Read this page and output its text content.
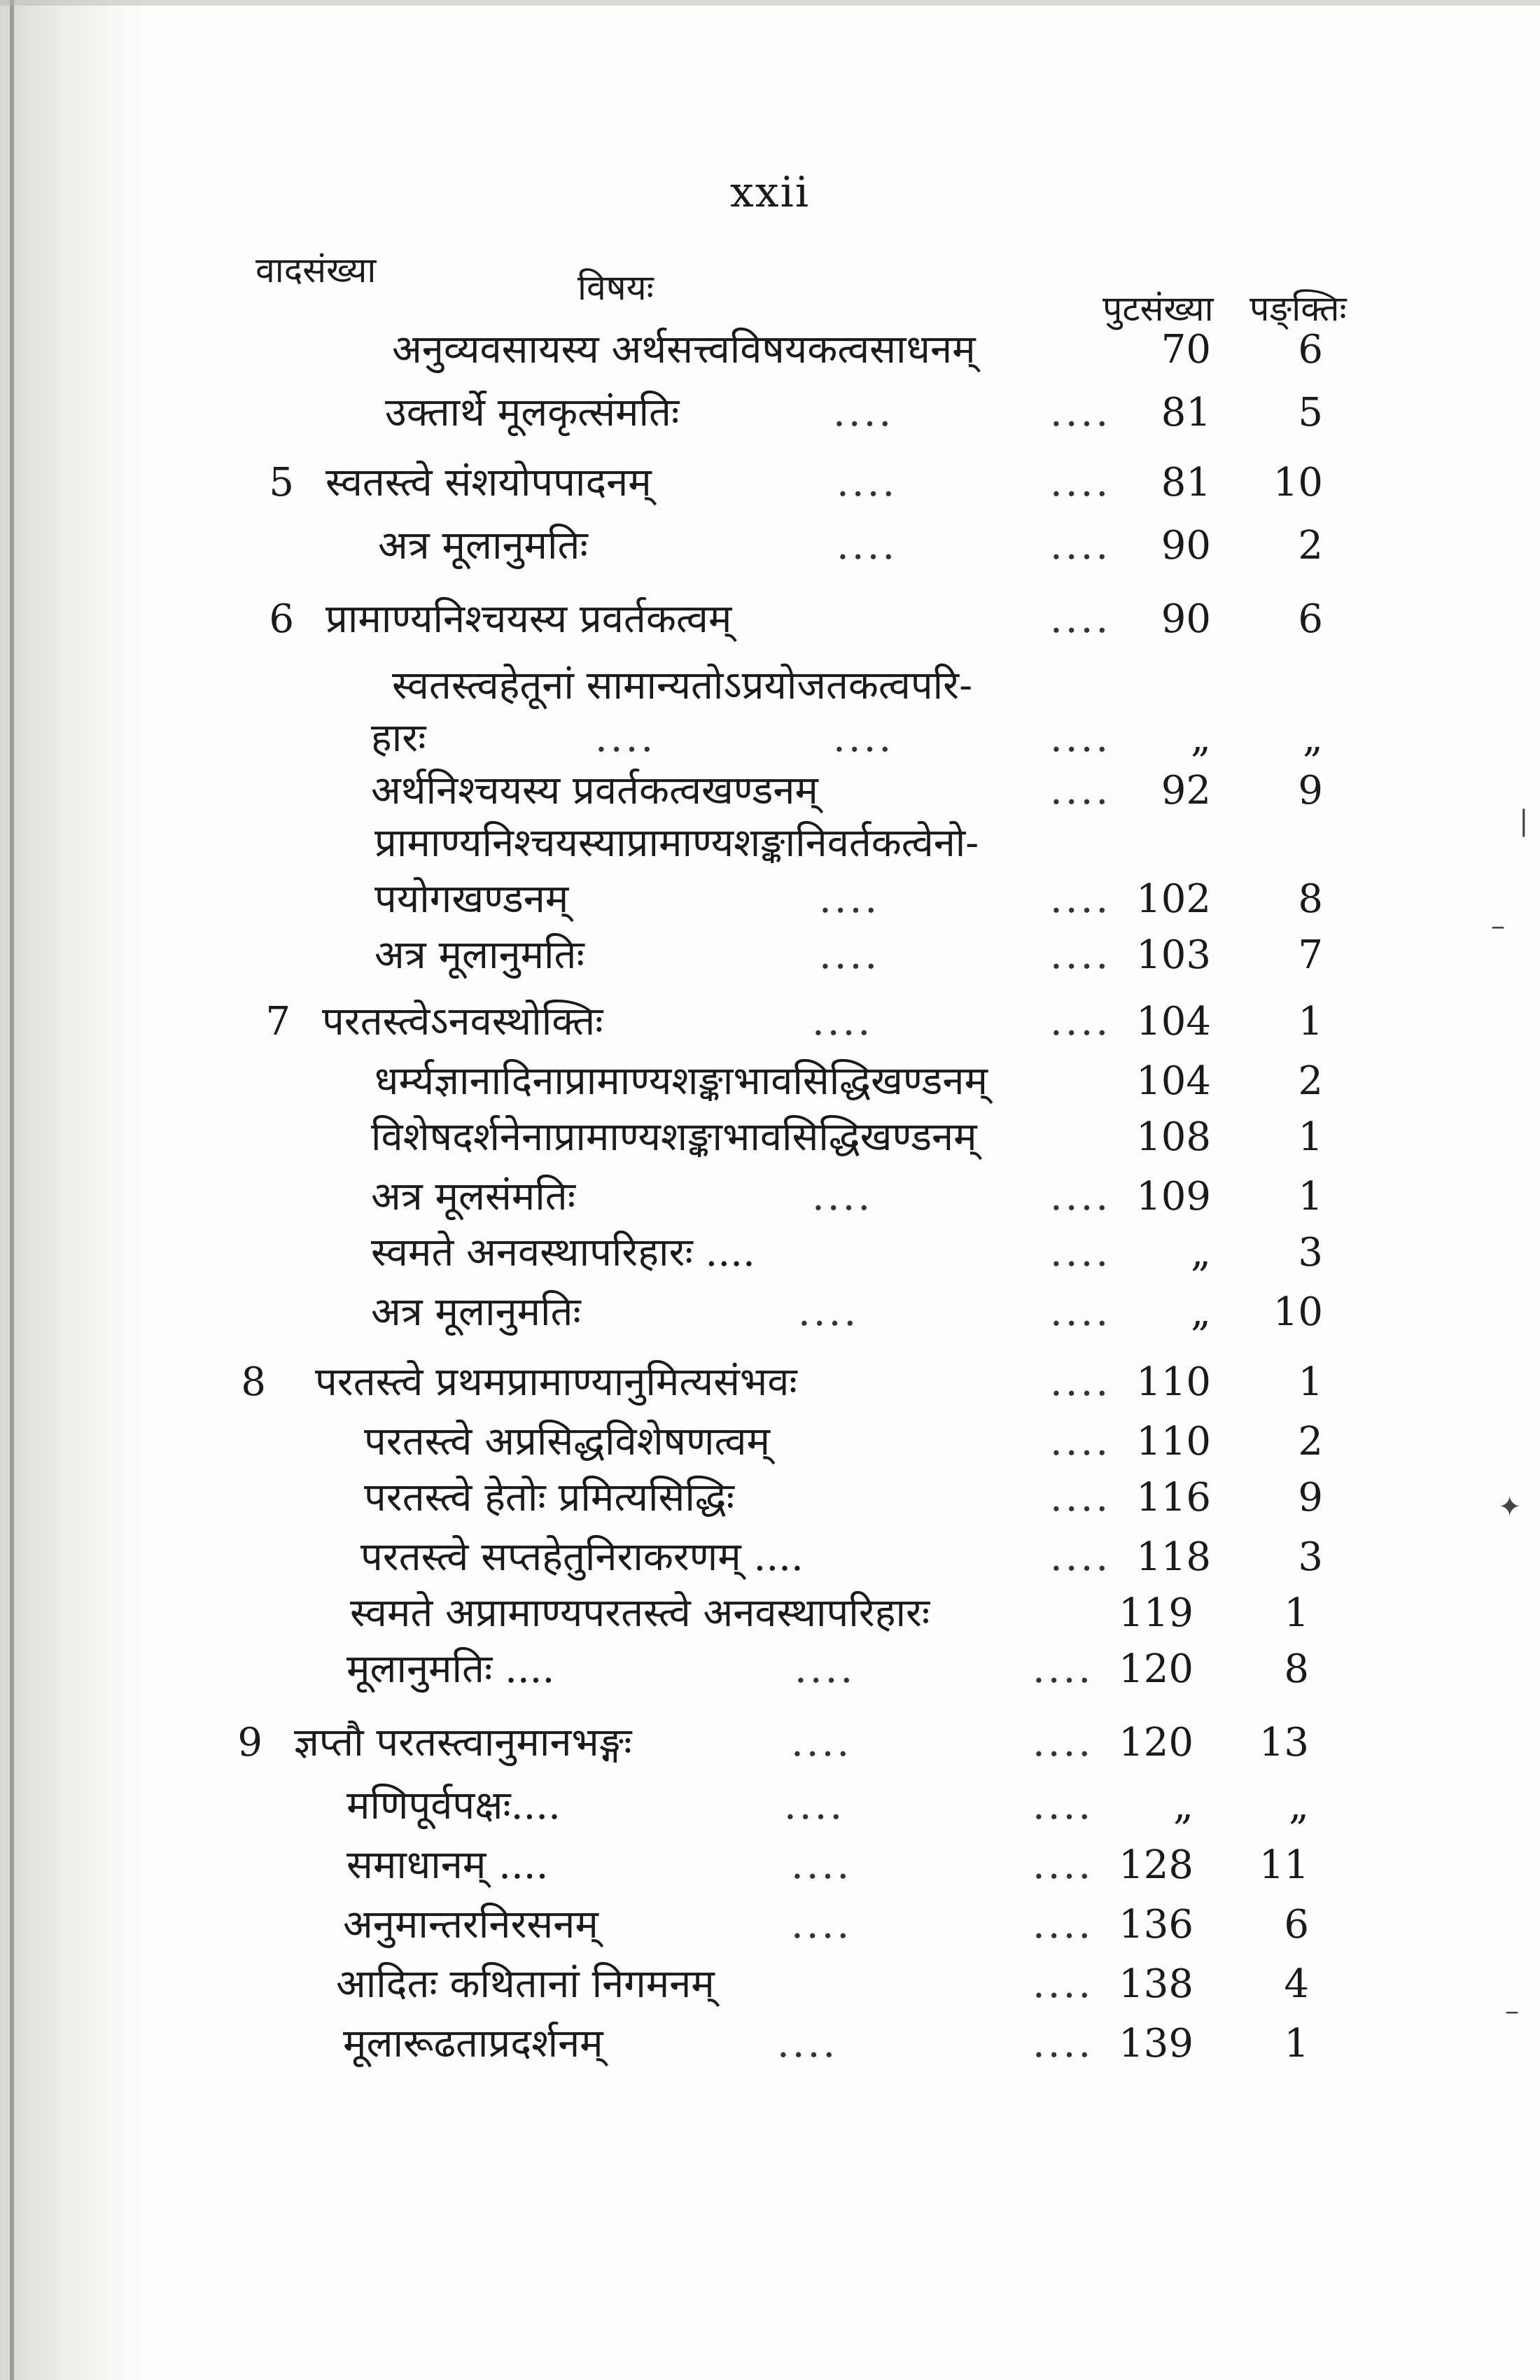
xxii
वादसंख्या	विषयः
पुटसंख्या पङ्क्तिः
अनुव्यवसायस्य अर्थसत्त्वविषयकत्वसाधनम्	70	6
उक्तार्थे मूलकृत्संमतिः	....	....	81	5
5 स्वतस्त्वे संशयोपपादनम्	....	....	81	10
अत्र मूलानुमतिः	....	....	90	2
6 प्रामाण्यनिश्चयस्य प्रवर्तकत्वम्	....	90	6
स्वतस्त्वहेतूनां सामान्यतोऽप्रयोजतकत्वपरि-
हारः	....	....	....	„	„
अर्थनिश्चयस्य प्रवर्तकत्वखण्डनम्	....	92	9
प्रामाण्यनिश्चयस्याप्रामाण्यशङ्कानिवर्तकत्वेनो-
पयोगखण्डनम्	....	.... 102	8
अत्र मूलानुमतिः	....	.... 103	7
7 परतस्त्वेऽनवस्थोक्तिः	....	.... 104	1
धर्म्यज्ञानादिनाप्रामाण्यशङ्काभावसिद्धिखण्डनम्	104	2
विशेषदर्शनेनाप्रामाण्यशङ्काभावसिद्धिखण्डनम्	108	1
अत्र मूलसंमतिः	....	.... 109	1
स्वमते अनवस्थापरिहारः ....	....	„	3
अत्र मूलानुमतिः	....	....	„	10
8 परतस्त्वे प्रथमप्रामाण्यानुमित्यसंभवः	.... 110	1
परतस्त्वे अप्रसिद्धविशेषणत्वम्	.... 110	2
परतस्त्वे हेतोः प्रमित्यसिद्धिः	.... 116	9
परतस्त्वे सप्तहेतुनिराकरणम् ....	.... 118	3
स्वमते अप्रामाण्यपरतस्त्वे अनवस्थापरिहारः	119	1
मूलानुमतिः ....	....	.... 120	8
9 ज्ञप्तौ परतस्त्वानुमानभङ्गः	....	.... 120	13
मणिपूर्वपक्षः....	....	....	„	„
समाधानम् ....	....	.... 128	11
अनुमान्तरनिरसनम्	....	.... 136	6
आदितः कथितानां निगमनम्	.... 138	4
मूलारूढताप्रदर्शनम्	....	.... 139	1
|
–
✦
–
